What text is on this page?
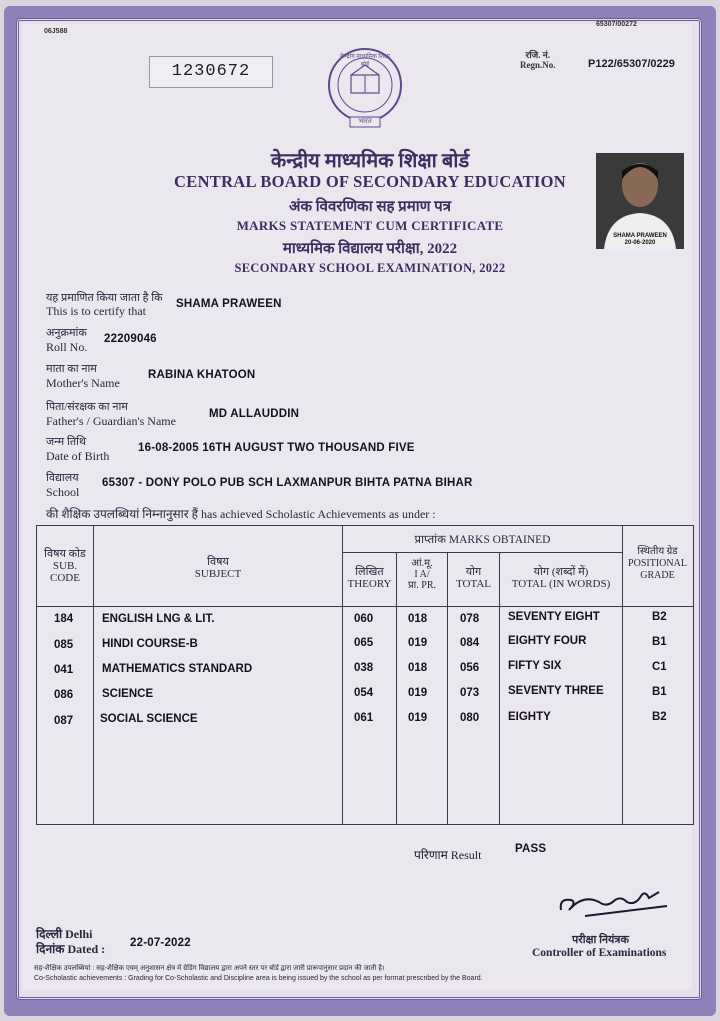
06J588
65307/00272
1230672
रजि. नं.
Regn.No.	P122/65307/0229
केन्द्रीय माध्यमिक शिक्षा बोर्ड
भारत
केन्द्रीय माध्यमिक शिक्षा बोर्ड
CENTRAL BOARD OF SECONDARY EDUCATION
अंक विवरणिका सह प्रमाण पत्र
MARKS STATEMENT CUM CERTIFICATE
माध्यमिक विद्यालय परीक्षा, 2022
SECONDARY SCHOOL EXAMINATION, 2022
SHAMA PRAWEEN
20-06-2020
यह प्रमाणित किया जाता है कि
This is to certify that	SHAMA PRAWEEN
अनुक्रमांक
Roll No.
22209046
माता का नाम
Mother's Name
RABINA KHATOON
पिता/संरक्षक का नाम
Father's / Guardian's Name	MD ALLAUDDIN
जन्म तिथि
Date of Birth
16-08-2005 16TH AUGUST TWO THOUSAND FIVE
विद्यालय
School
65307 - DONY POLO PUB SCH LAXMANPUR BIHTA PATNA BIHAR
की शैक्षिक उपलब्धियां निम्नानुसार हैं has achieved Scholastic Achievements as under :
विषय कोड
SUB.
CODE
विषय
SUBJECT
प्राप्तांक MARKS OBTAINED
लिखित
THEORY
आं.मू.
I A/
प्रा. PR.
योग
TOTAL
योग (शब्दों में)
TOTAL (IN WORDS)
स्थितीय ग्रेड
POSITIONAL
GRADE
184	ENGLISH LNG & LIT.	060	018	078	SEVENTY EIGHT	B2
085	HINDI COURSE-B	065	019	084	EIGHTY FOUR	B1
041	MATHEMATICS STANDARD	038	018	056	FIFTY SIX	C1
086	SCIENCE	054	019	073	SEVENTY THREE	B1
087 SOCIAL SCIENCE	061	019	080	EIGHTY	B2
परिणाम Result	PASS
दिल्ली Delhi
दिनांक Dated : 22-07-2022	परीक्षा नियंत्रक
Controller of Examinations
सह-शैक्षिक उपलब्धियां : सह-शैक्षिक एवम् अनुशासन क्षेत्र में ग्रेडिंग विद्यालय द्वारा अपने स्तर पर बोर्ड द्वारा जारी प्रारूपानुसार प्रदान की जाती है।
Co-Scholastic achievements : Grading for Co-Scholastic and Discipline area is being issued by the school as per format prescribed by the Board.
